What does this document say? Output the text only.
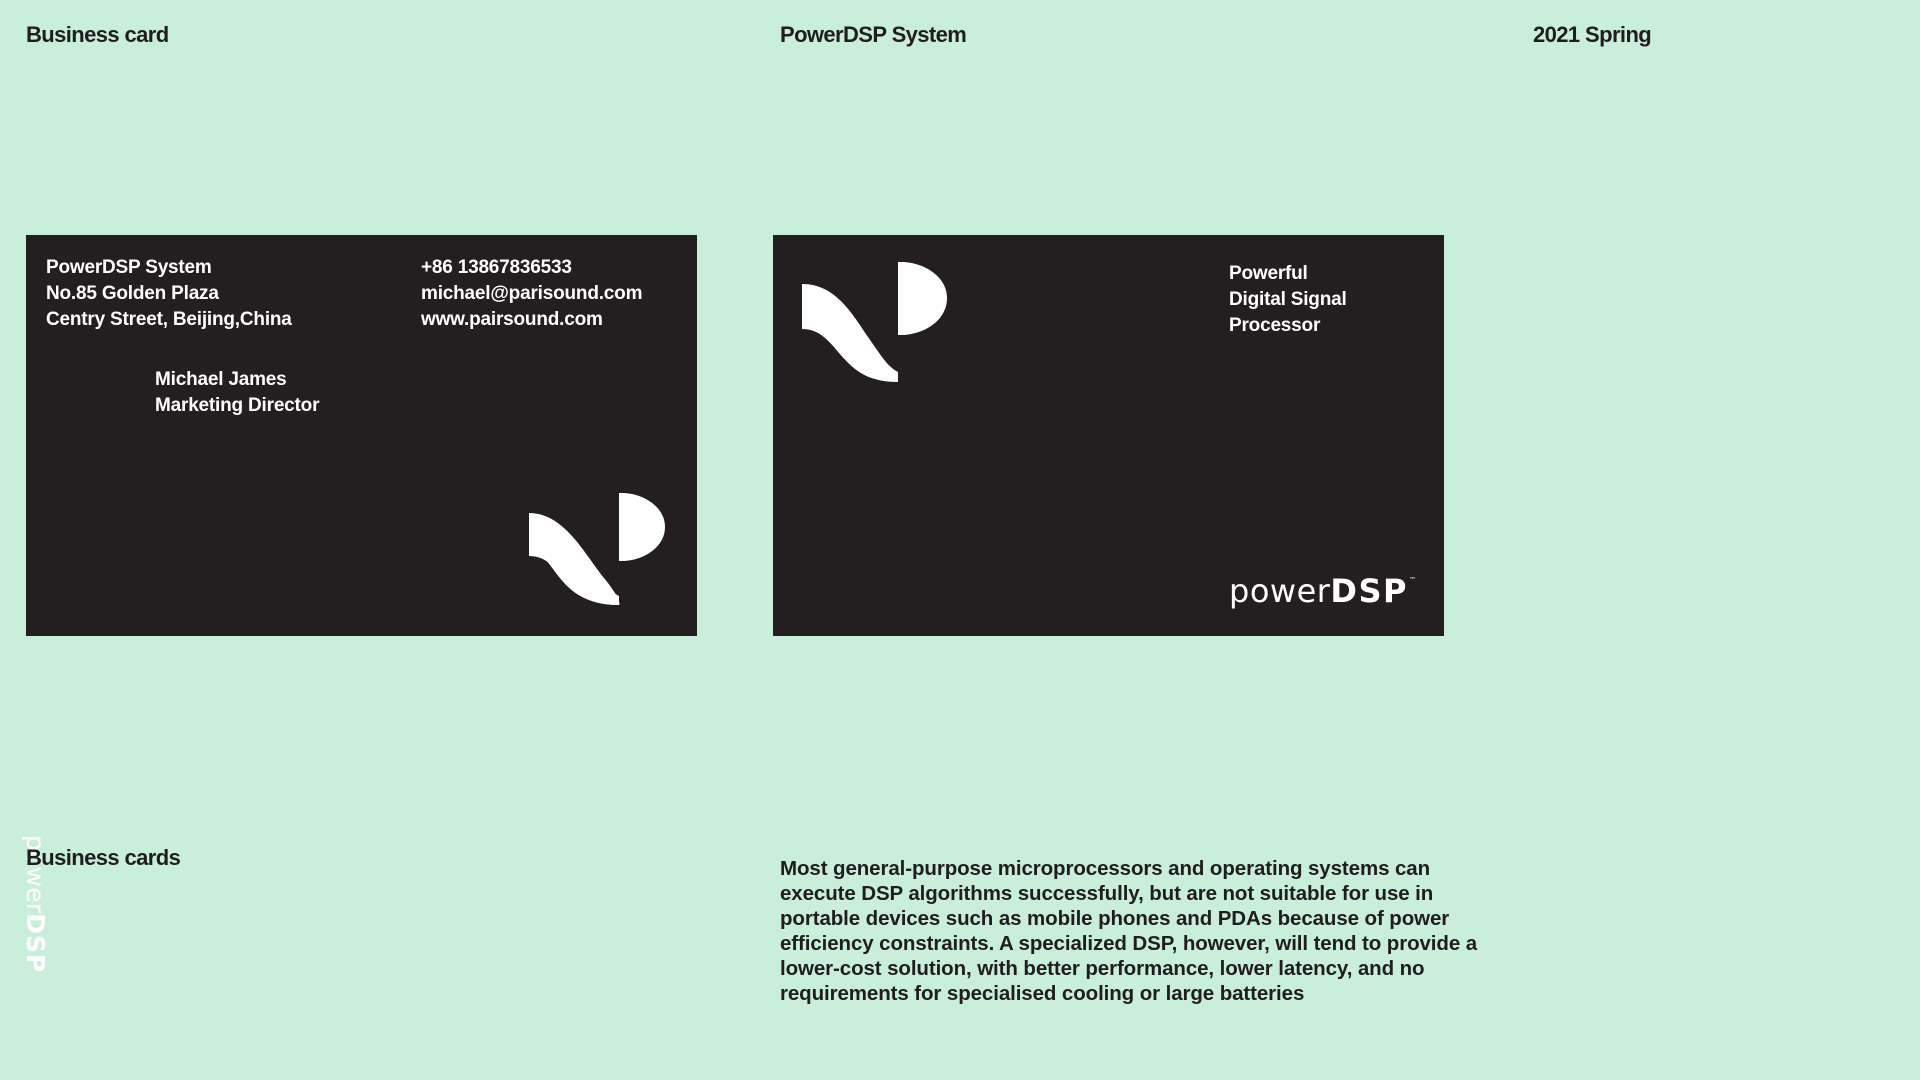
Business card	PowerDSP System	2021 Spring
PowerDSP System
No.85 Golden Plaza
Centry Street, Beijing,China
+86 13867836533
michael@parisound.com
www.pairsound.com
Michael James
Marketing Director
powerDSP
Powerful
Digital Signal
Processor
powerDSP™
Business cards	Most general-purpose microprocessors and operating systems can
execute DSP algorithms successfully, but are not suitable for use in
portable devices such as mobile phones and PDAs because of power
efficiency constraints. A specialized DSP, however, will tend to provide a
lower-cost solution, with better performance, lower latency, and no
requirements for specialised cooling or large batteries
